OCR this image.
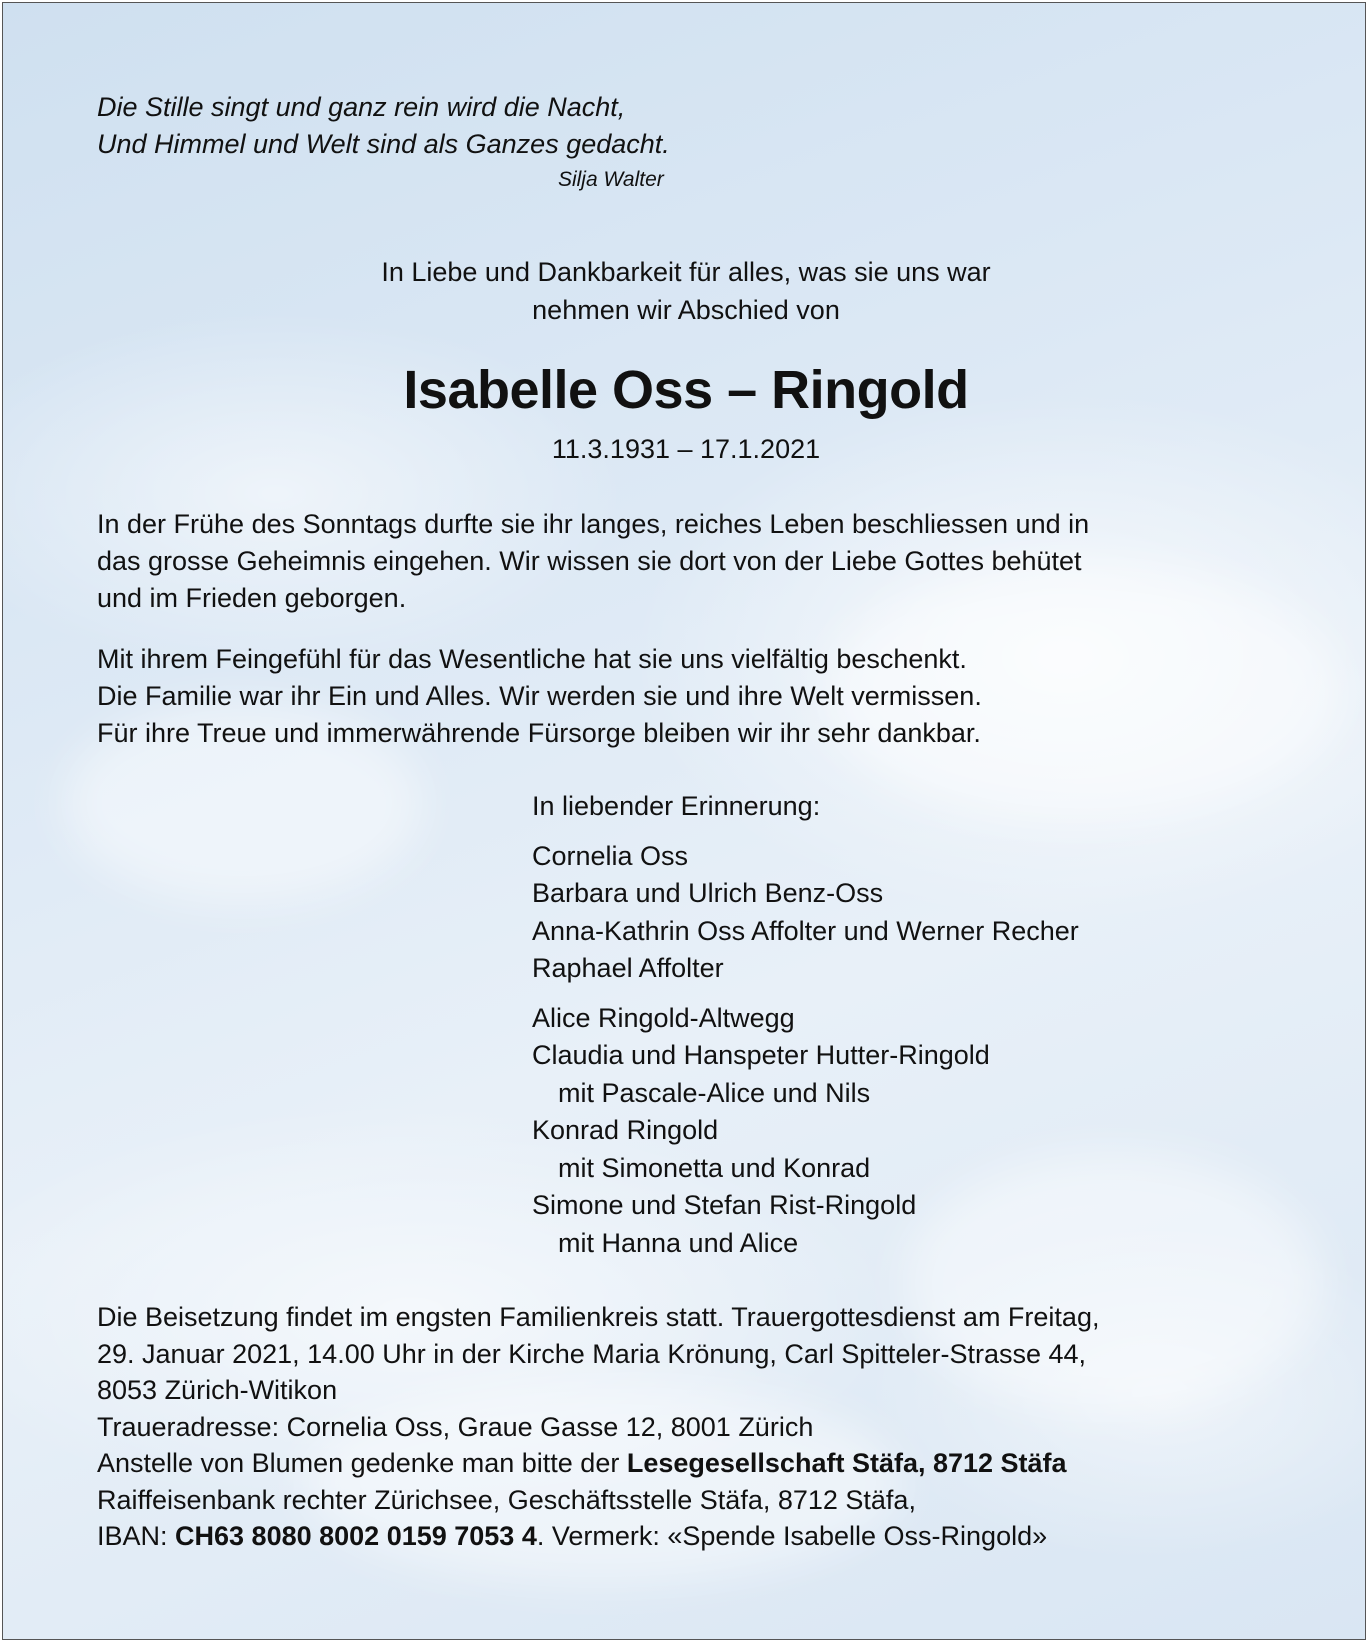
Die Stille singt und ganz rein wird die Nacht,
Und Himmel und Welt sind als Ganzes gedacht.
Silja Walter
In Liebe und Dankbarkeit für alles, was sie uns war
nehmen wir Abschied von
Isabelle Oss – Ringold
11.3.1931 – 17.1.2021

In der Frühe des Sonntags durfte sie ihr langes, reiches Leben beschliessen und in

das grosse Geheimnis eingehen. Wir wissen sie dort von der Liebe Gottes behütet

und im Frieden geborgen.

Mit ihrem Feingefühl für das Wesentliche hat sie uns vielfältig beschenkt.

Die Familie war ihr Ein und Alles. Wir werden sie und ihre Welt vermissen.

Für ihre Treue und immerwährende Fürsorge bleiben wir ihr sehr dankbar.

In liebender Erinnerung:
Cornelia Oss
Barbara und Ulrich Benz-Oss
Anna-Kathrin Oss Affolter und Werner Recher
Raphael Affolter
Alice Ringold-Altwegg
Claudia und Hanspeter Hutter-Ringold
mit Pascale-Alice und Nils
Konrad Ringold
mit Simonetta und Konrad
Simone und Stefan Rist-Ringold
mit Hanna und Alice
Die Beisetzung findet im engsten Familienkreis statt. Trauergottesdienst am Freitag,
29. Januar 2021, 14.00 Uhr in der Kirche Maria Krönung, Carl Spitteler-Strasse 44,
8053 Zürich-Witikon
Traueradresse: Cornelia Oss, Graue Gasse 12, 8001 Zürich
Anstelle von Blumen gedenke man bitte der Lesegesellschaft Stäfa, 8712 Stäfa
Raiffeisenbank rechter Zürichsee, Geschäftsstelle Stäfa, 8712 Stäfa,
IBAN: CH63 8080 8002 0159 7053 4. Vermerk: «Spende Isabelle Oss-Ringold»
